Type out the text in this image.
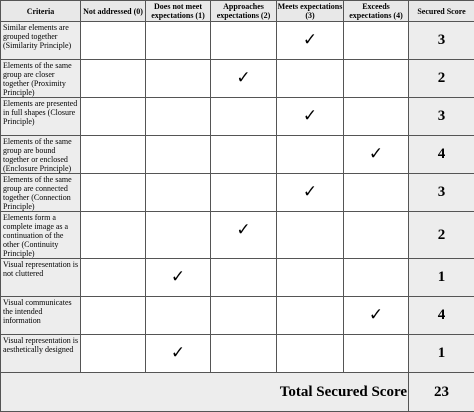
Criteria	Not addressed (0)	Does not meet expectations (1)	Approaches expectations (2)	Meets expectations (3)	Exceeds expectations (4)	Secured Score
Similar elements are grouped together (Similarity Principle)				✓		3
Elements of the same group are closer together (Proximity Principle)			✓			2
Elements are presented in full shapes (Closure Principle)				✓		3
Elements of the same group are bound together or enclosed (Enclosure Principle)					✓	4
Elements of the same group are connected together (Connection Principle)				✓		3
Elements form a complete image as a continuation of the other (Continuity Principle)			✓			2
Visual representation is not cluttered		✓				1
Visual communicates the intended information					✓	4
Visual representation is aesthetically designed		✓				1
Total Secured Score						23
